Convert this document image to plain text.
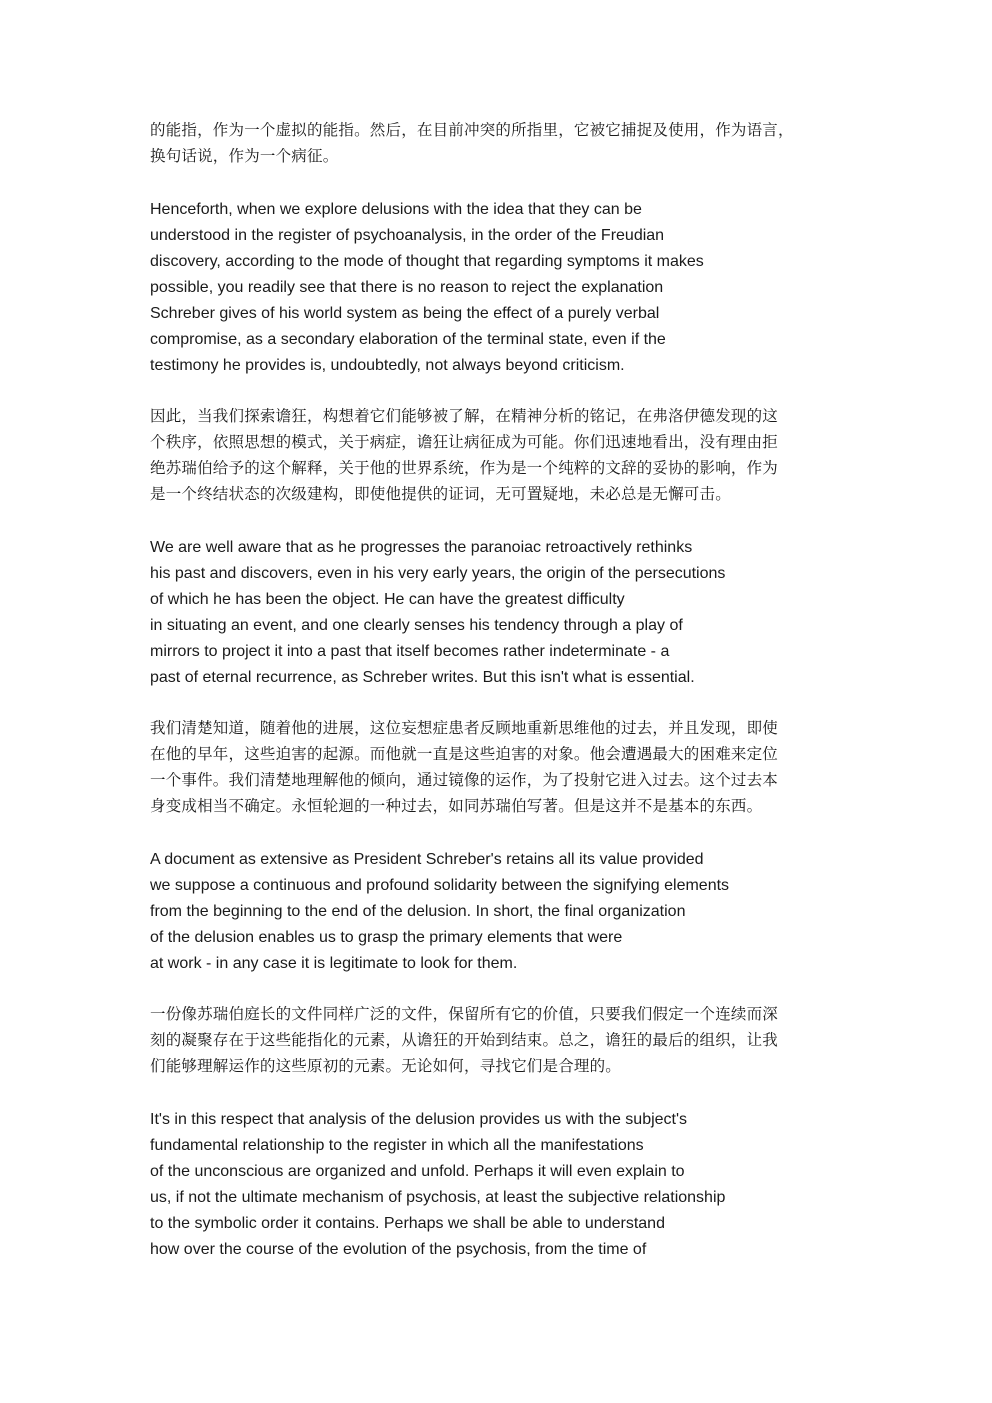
的能指，作为一个虚拟的能指。然后，在目前冲突的所指里，它被它捕捉及使用，作为语言，
换句话说，作为一个病征。

Henceforth, when we explore delusions with the idea that they can be
understood in the register of psychoanalysis, in the order of the Freudian
discovery, according to the mode of thought that regarding symptoms it makes
possible, you readily see that there is no reason to reject the explanation
Schreber gives of his world system as being the effect of a purely verbal
compromise, as a secondary elaboration of the terminal state, even if the
testimony he provides is, undoubtedly, not always beyond criticism.

因此，当我们探索谵狂，构想着它们能够被了解，在精神分析的铭记，在弗洛伊德发现的这
个秩序，依照思想的模式，关于病症，谵狂让病征成为可能。你们迅速地看出，没有理由拒
绝苏瑞伯给予的这个解释，关于他的世界系统，作为是一个纯粹的文辞的妥协的影响，作为
是一个终结状态的次级建构，即使他提供的证词，无可置疑地，未必总是无懈可击。

We are well aware that as he progresses the paranoiac retroactively rethinks
his past and discovers, even in his very early years, the origin of the persecutions
of which he has been the object. He can have the greatest difficulty
in situating an event, and one clearly senses his tendency through a play of
mirrors to project it into a past that itself becomes rather indeterminate - a
past of eternal recurrence, as Schreber writes. But this isn't what is essential.

我们清楚知道，随着他的进展，这位妄想症患者反顾地重新思维他的过去，并且发现，即使
在他的早年，这些迫害的起源。而他就一直是这些迫害的对象。他会遭遇最大的困难来定位
一个事件。我们清楚地理解他的倾向，通过镜像的运作，为了投射它进入过去。这个过去本
身变成相当不确定。永恒轮迴的一种过去，如同苏瑞伯写著。但是这并不是基本的东西。

A document as extensive as President Schreber's retains all its value provided
we suppose a continuous and profound solidarity between the signifying elements
from the beginning to the end of the delusion. In short, the final organization
of the delusion enables us to grasp the primary elements that were
at work - in any case it is legitimate to look for them.

一份像苏瑞伯庭长的文件同样广泛的文件，保留所有它的价值，只要我们假定一个连续而深
刻的凝聚存在于这些能指化的元素，从谵狂的开始到结束。总之，谵狂的最后的组织，让我
们能够理解运作的这些原初的元素。无论如何，寻找它们是合理的。

It's in this respect that analysis of the delusion provides us with the subject's
fundamental relationship to the register in which all the manifestations
of the unconscious are organized and unfold. Perhaps it will even explain to
us, if not the ultimate mechanism of psychosis, at least the subjective relationship
to the symbolic order it contains. Perhaps we shall be able to understand
how over the course of the evolution of the psychosis, from the time of
